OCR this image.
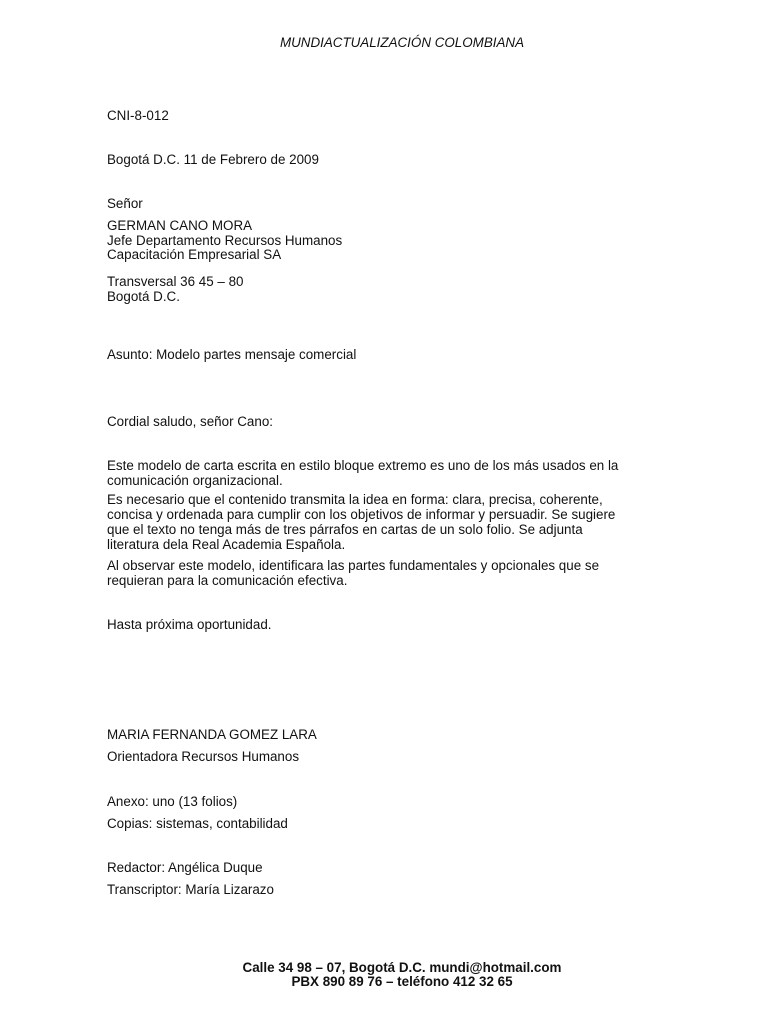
MUNDIACTUALIZACIÓN COLOMBIANA

CNI-8-012

Bogotá D.C. 11 de Febrero de 2009

Señor

GERMAN CANO MORA

Jefe Departamento Recursos Humanos

Capacitación Empresarial SA

Transversal 36 45 – 80

Bogotá D.C.

Asunto: Modelo partes mensaje comercial

Cordial saludo, señor Cano:

Este modelo de carta escrita en estilo bloque extremo es uno de los más usados en la
comunicación organizacional.
Es necesario que el contenido transmita la idea en forma: clara, precisa, coherente,
concisa y ordenada para cumplir con los objetivos de informar y persuadir. Se sugiere
que el texto no tenga más de tres párrafos en cartas de un solo folio. Se adjunta
literatura dela Real Academia Española.
Al observar este modelo, identificara las partes fundamentales y opcionales que se
requieran para la comunicación efectiva.

Hasta próxima oportunidad.

MARIA FERNANDA GOMEZ LARA

Orientadora Recursos Humanos

Anexo: uno (13 folios)

Copias: sistemas, contabilidad

Redactor: Angélica Duque

Transcriptor: María Lizarazo

Calle 34 98 – 07, Bogotá D.C. mundi@hotmail.com

PBX 890 89 76 – teléfono 412 32 65
